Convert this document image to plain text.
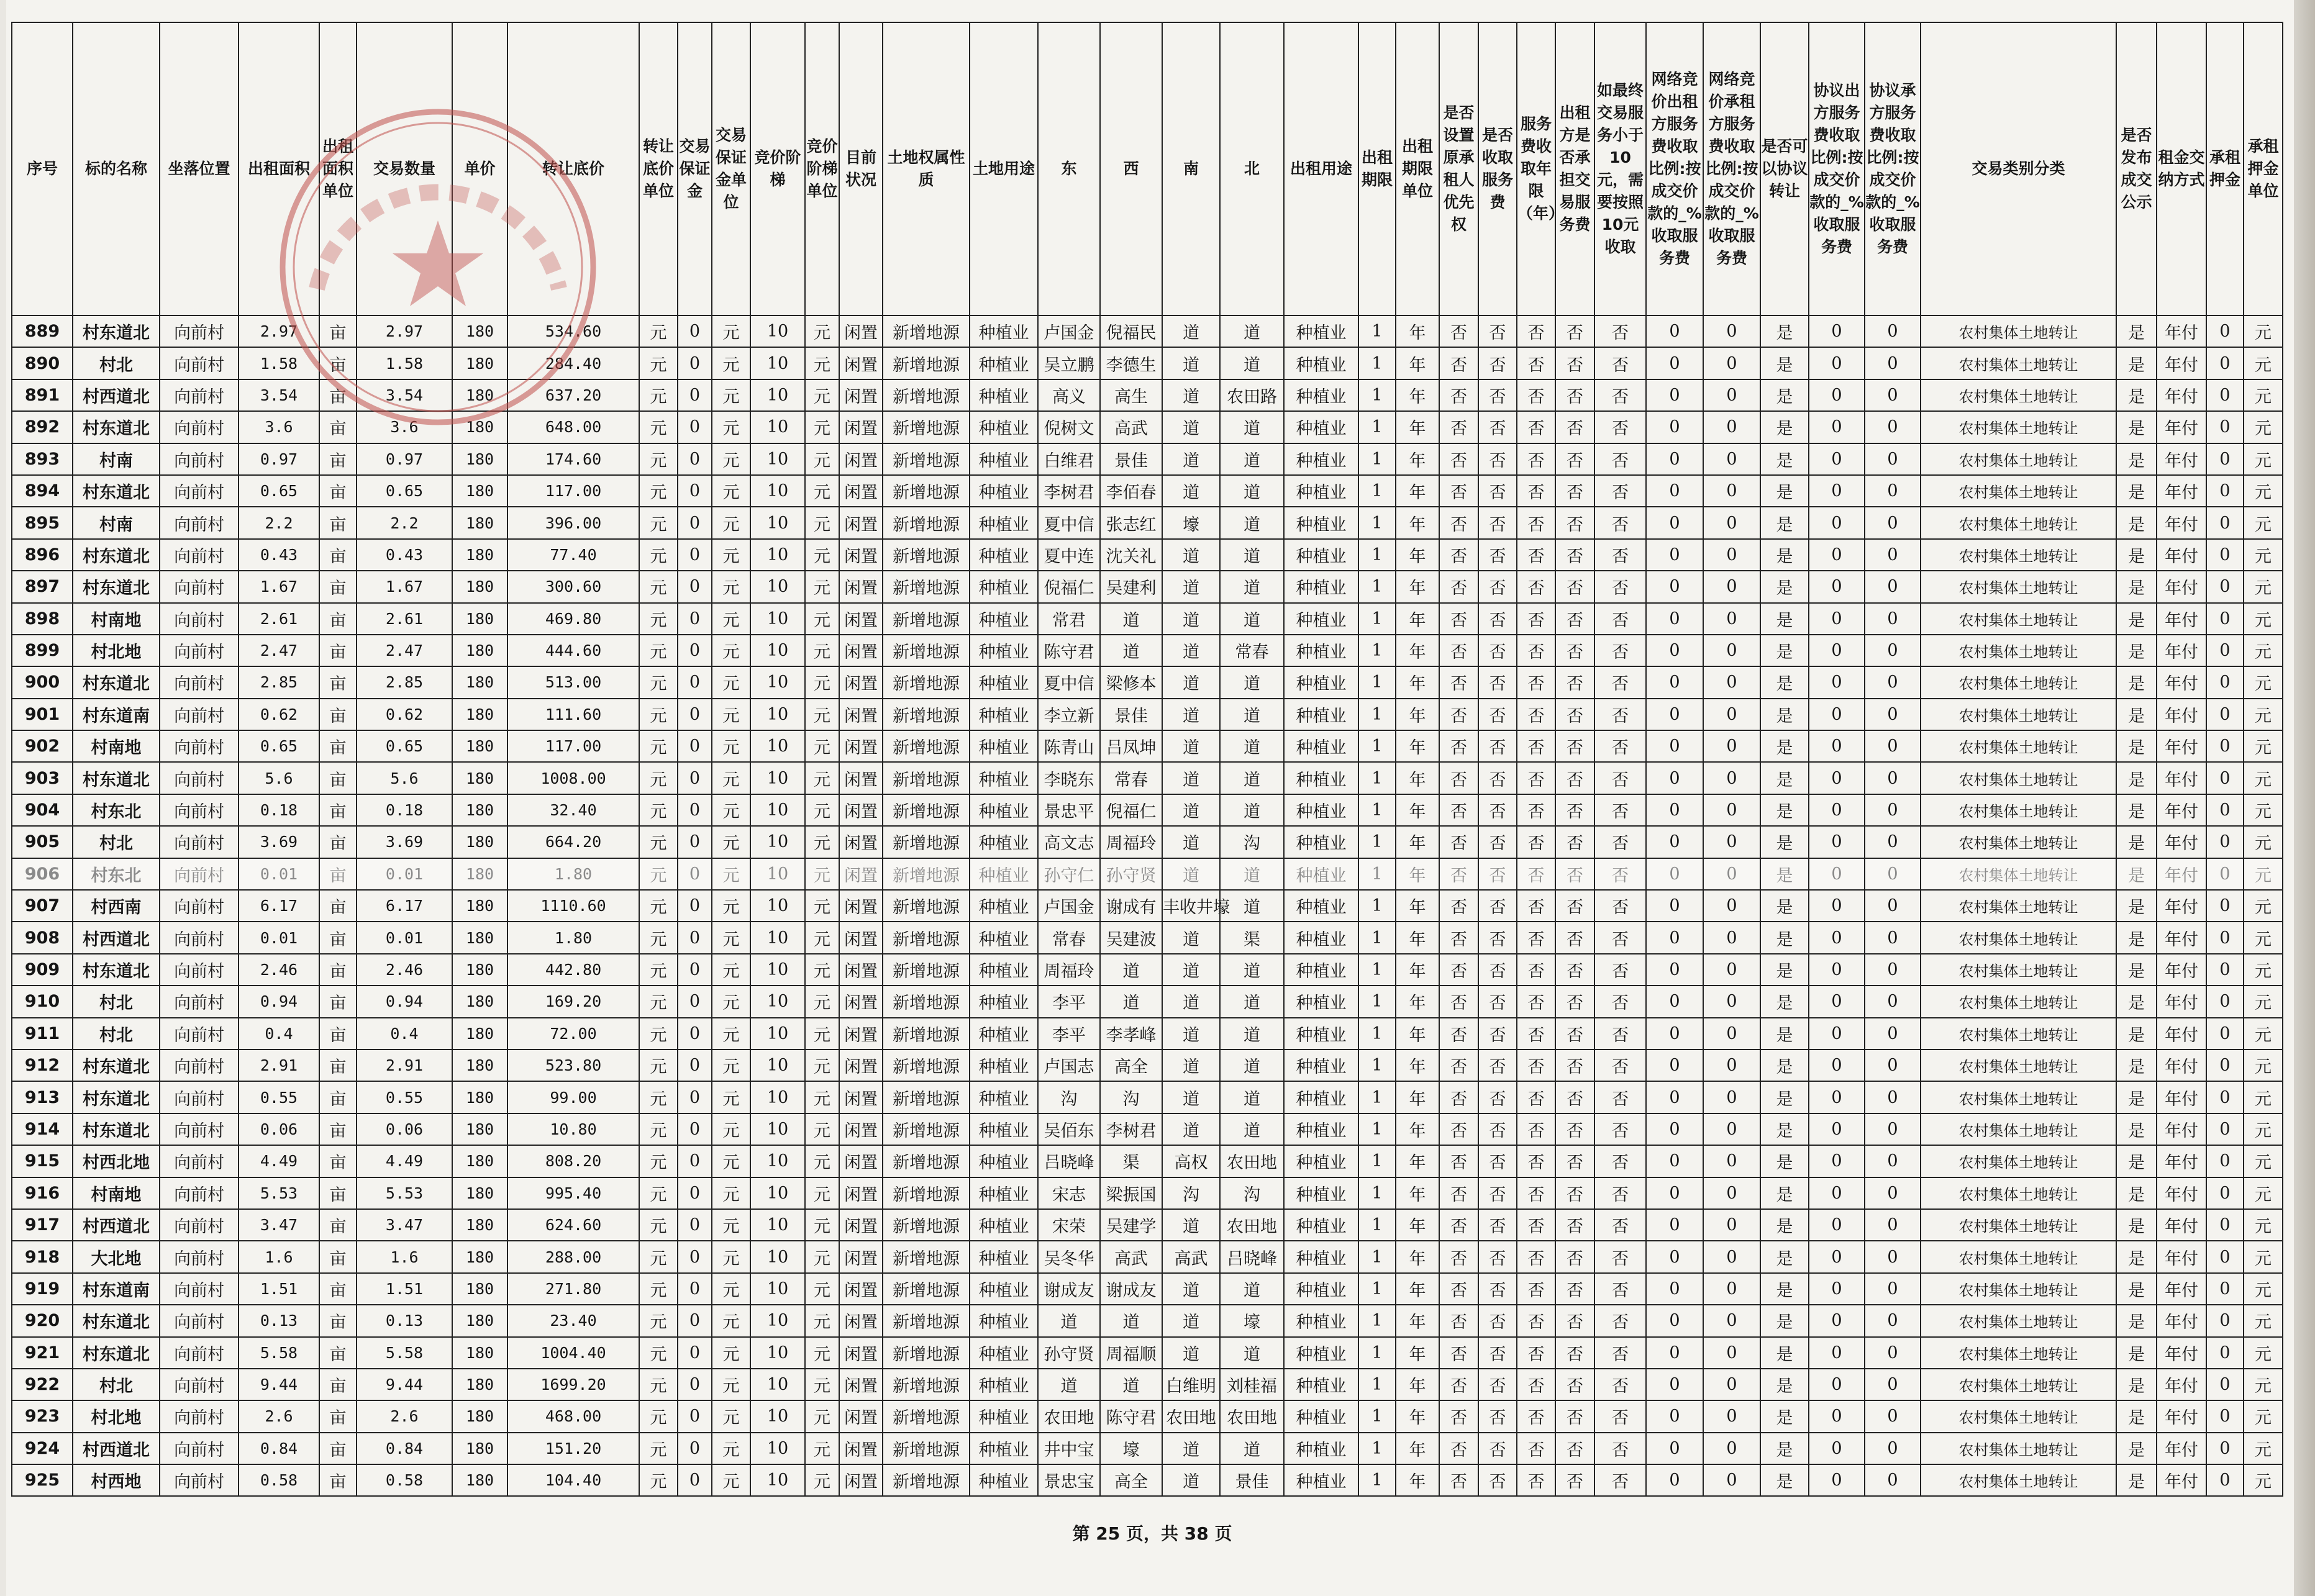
序号	标的名称	坐落位置	出租面积	出租面积单位	交易数量	单价	转让底价	转让底价单位	交易保证金	交易保证金单位	竞价阶梯	竞价阶梯单位	目前状况	土地权属性质	土地用途	东	西	南	北	出租用途	出租期限	出租期限单位	是否设置原承租人优先权	是否收取服务费	服务费收取年限（年）	出租方是否承担交易服务费	如最终交易服务小于10元，需要按照10元收取	网络竞价出租方服务费收取比例:按成交价款的_%收取服务费	网络竞价承租方服务费收取比例:按成交价款的_%收取服务费	是否可以协议转让	协议出方服务费收取比例:按成交价款的_%收取服务费	协议承方服务费收取比例:按成交价款的_%收取服务费	交易类别分类	是否发布成交公示	租金交纳方式	承租押金	承租押金单位
889	村东道北	向前村	2.97	亩	2.97	180	534.60	元	0	元	10	元	闲置	新增地源	种植业	卢国金	倪福民	道	道	种植业	1	年	否	否	否	否	否	0	0	是	0	0	农村集体土地转让	是	年付	0	元
890	村北	向前村	1.58	亩	1.58	180	284.40	元	0	元	10	元	闲置	新增地源	种植业	吴立鹏	李德生	道	道	种植业	1	年	否	否	否	否	否	0	0	是	0	0	农村集体土地转让	是	年付	0	元
891	村西道北	向前村	3.54	亩	3.54	180	637.20	元	0	元	10	元	闲置	新增地源	种植业	高义	高生	道	农田路	种植业	1	年	否	否	否	否	否	0	0	是	0	0	农村集体土地转让	是	年付	0	元
892	村东道北	向前村	3.6	亩	3.6	180	648.00	元	0	元	10	元	闲置	新增地源	种植业	倪树文	高武	道	道	种植业	1	年	否	否	否	否	否	0	0	是	0	0	农村集体土地转让	是	年付	0	元
893	村南	向前村	0.97	亩	0.97	180	174.60	元	0	元	10	元	闲置	新增地源	种植业	白维君	景佳	道	道	种植业	1	年	否	否	否	否	否	0	0	是	0	0	农村集体土地转让	是	年付	0	元
894	村东道北	向前村	0.65	亩	0.65	180	117.00	元	0	元	10	元	闲置	新增地源	种植业	李树君	李佰春	道	道	种植业	1	年	否	否	否	否	否	0	0	是	0	0	农村集体土地转让	是	年付	0	元
895	村南	向前村	2.2	亩	2.2	180	396.00	元	0	元	10	元	闲置	新增地源	种植业	夏中信	张志红	壕	道	种植业	1	年	否	否	否	否	否	0	0	是	0	0	农村集体土地转让	是	年付	0	元
896	村东道北	向前村	0.43	亩	0.43	180	77.40	元	0	元	10	元	闲置	新增地源	种植业	夏中连	沈关礼	道	道	种植业	1	年	否	否	否	否	否	0	0	是	0	0	农村集体土地转让	是	年付	0	元
897	村东道北	向前村	1.67	亩	1.67	180	300.60	元	0	元	10	元	闲置	新增地源	种植业	倪福仁	吴建利	道	道	种植业	1	年	否	否	否	否	否	0	0	是	0	0	农村集体土地转让	是	年付	0	元
898	村南地	向前村	2.61	亩	2.61	180	469.80	元	0	元	10	元	闲置	新增地源	种植业	常君	道	道	道	种植业	1	年	否	否	否	否	否	0	0	是	0	0	农村集体土地转让	是	年付	0	元
899	村北地	向前村	2.47	亩	2.47	180	444.60	元	0	元	10	元	闲置	新增地源	种植业	陈守君	道	道	常春	种植业	1	年	否	否	否	否	否	0	0	是	0	0	农村集体土地转让	是	年付	0	元
900	村东道北	向前村	2.85	亩	2.85	180	513.00	元	0	元	10	元	闲置	新增地源	种植业	夏中信	梁修本	道	道	种植业	1	年	否	否	否	否	否	0	0	是	0	0	农村集体土地转让	是	年付	0	元
901	村东道南	向前村	0.62	亩	0.62	180	111.60	元	0	元	10	元	闲置	新增地源	种植业	李立新	景佳	道	道	种植业	1	年	否	否	否	否	否	0	0	是	0	0	农村集体土地转让	是	年付	0	元
902	村南地	向前村	0.65	亩	0.65	180	117.00	元	0	元	10	元	闲置	新增地源	种植业	陈青山	吕凤坤	道	道	种植业	1	年	否	否	否	否	否	0	0	是	0	0	农村集体土地转让	是	年付	0	元
903	村东道北	向前村	5.6	亩	5.6	180	1008.00	元	0	元	10	元	闲置	新增地源	种植业	李晓东	常春	道	道	种植业	1	年	否	否	否	否	否	0	0	是	0	0	农村集体土地转让	是	年付	0	元
904	村东北	向前村	0.18	亩	0.18	180	32.40	元	0	元	10	元	闲置	新增地源	种植业	景忠平	倪福仁	道	道	种植业	1	年	否	否	否	否	否	0	0	是	0	0	农村集体土地转让	是	年付	0	元
905	村北	向前村	3.69	亩	3.69	180	664.20	元	0	元	10	元	闲置	新增地源	种植业	高文志	周福玲	道	沟	种植业	1	年	否	否	否	否	否	0	0	是	0	0	农村集体土地转让	是	年付	0	元
906	村东北	向前村	0.01	亩	0.01	180	1.80	元	0	元	10	元	闲置	新增地源	种植业	孙守仁	孙守贤	道	道	种植业	1	年	否	否	否	否	否	0	0	是	0	0	农村集体土地转让	是	年付	0	元
907	村西南	向前村	6.17	亩	6.17	180	1110.60	元	0	元	10	元	闲置	新增地源	种植业	卢国金	谢成有	丰收井壕	道	种植业	1	年	否	否	否	否	否	0	0	是	0	0	农村集体土地转让	是	年付	0	元
908	村西道北	向前村	0.01	亩	0.01	180	1.80	元	0	元	10	元	闲置	新增地源	种植业	常春	吴建波	道	渠	种植业	1	年	否	否	否	否	否	0	0	是	0	0	农村集体土地转让	是	年付	0	元
909	村东道北	向前村	2.46	亩	2.46	180	442.80	元	0	元	10	元	闲置	新增地源	种植业	周福玲	道	道	道	种植业	1	年	否	否	否	否	否	0	0	是	0	0	农村集体土地转让	是	年付	0	元
910	村北	向前村	0.94	亩	0.94	180	169.20	元	0	元	10	元	闲置	新增地源	种植业	李平	道	道	道	种植业	1	年	否	否	否	否	否	0	0	是	0	0	农村集体土地转让	是	年付	0	元
911	村北	向前村	0.4	亩	0.4	180	72.00	元	0	元	10	元	闲置	新增地源	种植业	李平	李孝峰	道	道	种植业	1	年	否	否	否	否	否	0	0	是	0	0	农村集体土地转让	是	年付	0	元
912	村东道北	向前村	2.91	亩	2.91	180	523.80	元	0	元	10	元	闲置	新增地源	种植业	卢国志	高全	道	道	种植业	1	年	否	否	否	否	否	0	0	是	0	0	农村集体土地转让	是	年付	0	元
913	村东道北	向前村	0.55	亩	0.55	180	99.00	元	0	元	10	元	闲置	新增地源	种植业	沟	沟	道	道	种植业	1	年	否	否	否	否	否	0	0	是	0	0	农村集体土地转让	是	年付	0	元
914	村东道北	向前村	0.06	亩	0.06	180	10.80	元	0	元	10	元	闲置	新增地源	种植业	吴佰东	李树君	道	道	种植业	1	年	否	否	否	否	否	0	0	是	0	0	农村集体土地转让	是	年付	0	元
915	村西北地	向前村	4.49	亩	4.49	180	808.20	元	0	元	10	元	闲置	新增地源	种植业	吕晓峰	渠	高权	农田地	种植业	1	年	否	否	否	否	否	0	0	是	0	0	农村集体土地转让	是	年付	0	元
916	村南地	向前村	5.53	亩	5.53	180	995.40	元	0	元	10	元	闲置	新增地源	种植业	宋志	梁振国	沟	沟	种植业	1	年	否	否	否	否	否	0	0	是	0	0	农村集体土地转让	是	年付	0	元
917	村西道北	向前村	3.47	亩	3.47	180	624.60	元	0	元	10	元	闲置	新增地源	种植业	宋荣	吴建学	道	农田地	种植业	1	年	否	否	否	否	否	0	0	是	0	0	农村集体土地转让	是	年付	0	元
918	大北地	向前村	1.6	亩	1.6	180	288.00	元	0	元	10	元	闲置	新增地源	种植业	吴冬华	高武	高武	吕晓峰	种植业	1	年	否	否	否	否	否	0	0	是	0	0	农村集体土地转让	是	年付	0	元
919	村东道南	向前村	1.51	亩	1.51	180	271.80	元	0	元	10	元	闲置	新增地源	种植业	谢成友	谢成友	道	道	种植业	1	年	否	否	否	否	否	0	0	是	0	0	农村集体土地转让	是	年付	0	元
920	村东道北	向前村	0.13	亩	0.13	180	23.40	元	0	元	10	元	闲置	新增地源	种植业	道	道	道	壕	种植业	1	年	否	否	否	否	否	0	0	是	0	0	农村集体土地转让	是	年付	0	元
921	村东道北	向前村	5.58	亩	5.58	180	1004.40	元	0	元	10	元	闲置	新增地源	种植业	孙守贤	周福顺	道	道	种植业	1	年	否	否	否	否	否	0	0	是	0	0	农村集体土地转让	是	年付	0	元
922	村北	向前村	9.44	亩	9.44	180	1699.20	元	0	元	10	元	闲置	新增地源	种植业	道	道	白维明	刘桂福	种植业	1	年	否	否	否	否	否	0	0	是	0	0	农村集体土地转让	是	年付	0	元
923	村北地	向前村	2.6	亩	2.6	180	468.00	元	0	元	10	元	闲置	新增地源	种植业	农田地	陈守君	农田地	农田地	种植业	1	年	否	否	否	否	否	0	0	是	0	0	农村集体土地转让	是	年付	0	元
924	村西道北	向前村	0.84	亩	0.84	180	151.20	元	0	元	10	元	闲置	新增地源	种植业	井中宝	壕	道	道	种植业	1	年	否	否	否	否	否	0	0	是	0	0	农村集体土地转让	是	年付	0	元
925	村西地	向前村	0.58	亩	0.58	180	104.40	元	0	元	10	元	闲置	新增地源	种植业	景忠宝	高全	道	景佳	种植业	1	年	否	否	否	否	否	0	0	是	0	0	农村集体土地转让	是	年付	0	元
第 25 页，共 38 页
